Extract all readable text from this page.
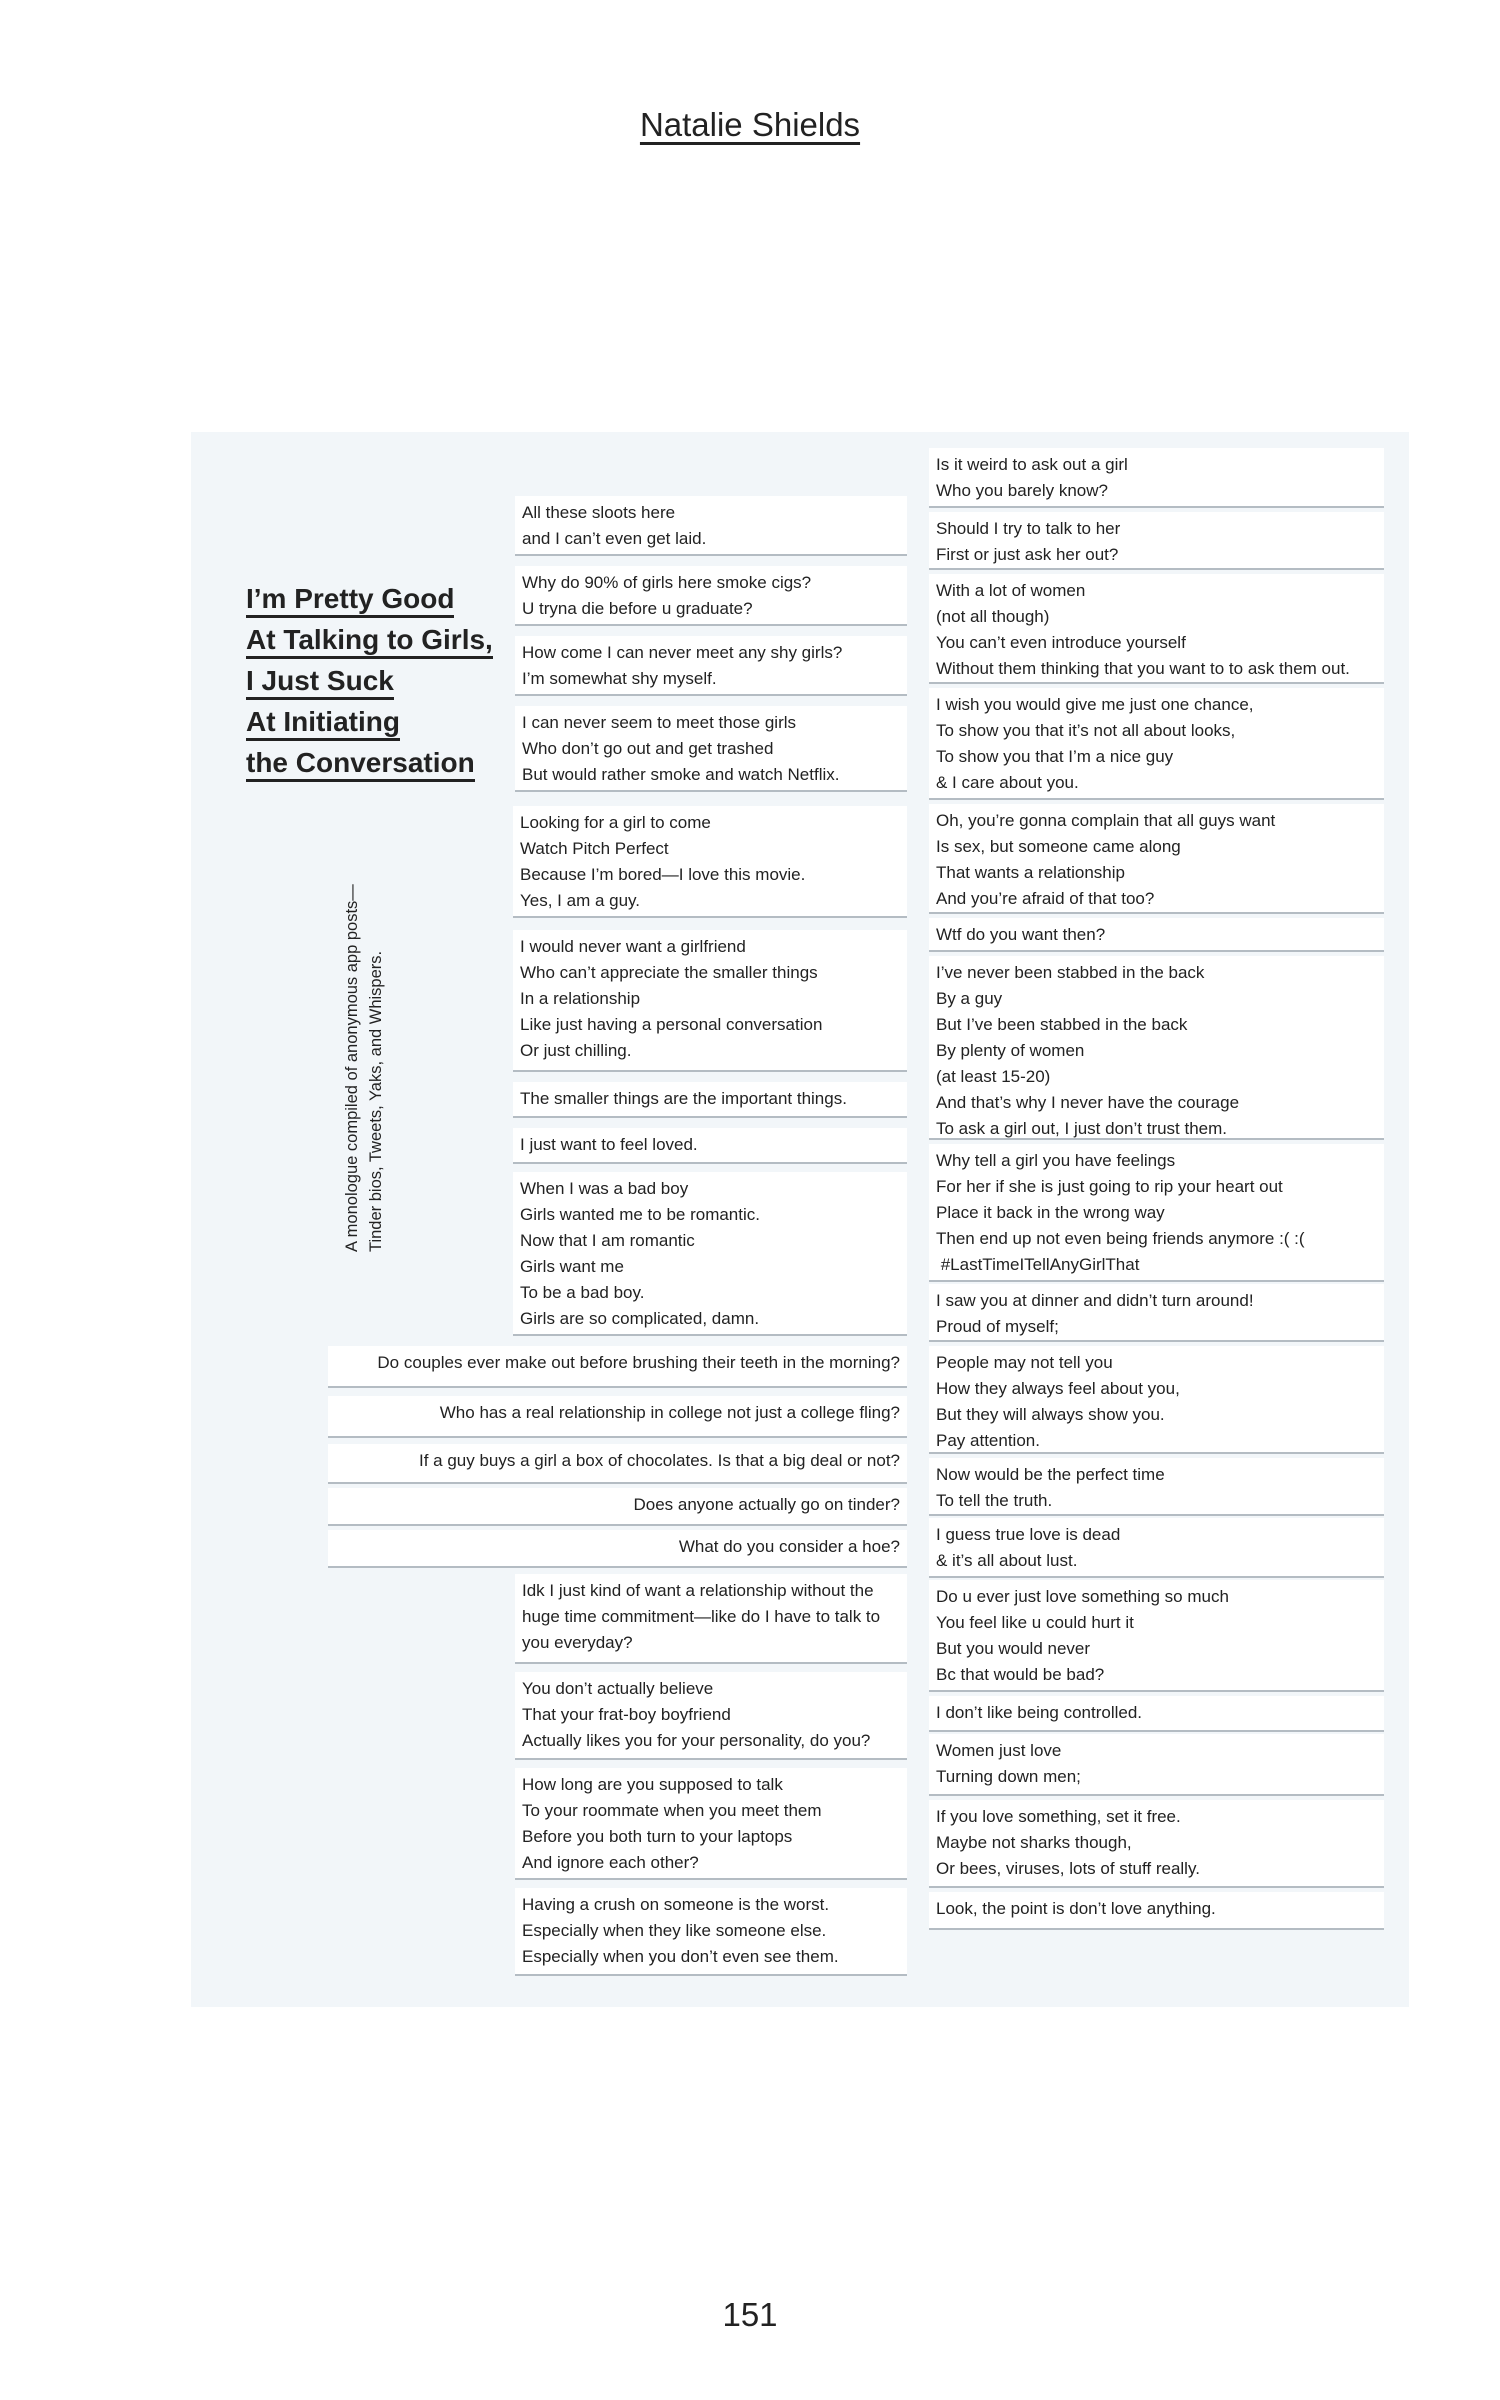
Natalie Shields
I’m Pretty Good
At Talking to Girls,
I Just Suck
At Initiating
the Conversation
A monologue compiled of anonymous app posts— Tinder bios, Tweets, Yaks, and Whispers.
All these sloots here
and I can’t even get laid.
Why do 90% of girls here smoke cigs?
U tryna die before u graduate?
How come I can never meet any shy girls?
I’m somewhat shy myself.
I can never seem to meet those girls
Who don’t go out and get trashed
But would rather smoke and watch Netflix.
Looking for a girl to come
Watch Pitch Perfect
Because I’m bored—I love this movie.
Yes, I am a guy.
I would never want a girlfriend
Who can’t appreciate the smaller things
In a relationship
Like just having a personal conversation
Or just chilling.
The smaller things are the important things.
I just want to feel loved.
When I was a bad boy
Girls wanted me to be romantic.
Now that I am romantic
Girls want me
To be a bad boy.
Girls are so complicated, damn.
Do couples ever make out before brushing their teeth in the morning?
Who has a real relationship in college not just a college fling?
If a guy buys a girl a box of chocolates. Is that a big deal or not?
Does anyone actually go on tinder?
What do you consider a hoe?
Idk I just kind of want a relationship without the huge time commitment—like do I have to talk to you everyday?
You don’t actually believe
That your frat-boy boyfriend
Actually likes you for your personality, do you?
How long are you supposed to talk
To your roommate when you meet them
Before you both turn to your laptops
And ignore each other?
Having a crush on someone is the worst.
Especially when they like someone else.
Especially when you don’t even see them.
Is it weird to ask out a girl
Who you barely know?
Should I try to talk to her
First or just ask her out?
With a lot of women
(not all though)
You can’t even introduce yourself
Without them thinking that you want to to ask them out.
I wish you would give me just one chance,
To show you that it’s not all about looks,
To show you that I’m a nice guy
& I care about you.
Oh, you’re gonna complain that all guys want
Is sex, but someone came along
That wants a relationship
And you’re afraid of that too?
Wtf do you want then?
I’ve never been stabbed in the back
By a guy
But I’ve been stabbed in the back
By plenty of women
(at least 15-20)
And that’s why I never have the courage
To ask a girl out, I just don’t trust them.
Why tell a girl you have feelings
For her if she is just going to rip your heart out
Place it back in the wrong way
Then end up not even being friends anymore :( :(
#LastTimeITellAnyGirlThat
I saw you at dinner and didn’t turn around!
Proud of myself;
People may not tell you
How they always feel about you,
But they will always show you.
Pay attention.
Now would be the perfect time
To tell the truth.
I guess true love is dead
& it’s all about lust.
Do u ever just love something so much
You feel like u could hurt it
But you would never
Bc that would be bad?
I don’t like being controlled.
Women just love
Turning down men;
If you love something, set it free.
Maybe not sharks though,
Or bees, viruses, lots of stuff really.
Look, the point is don’t love anything.
151
